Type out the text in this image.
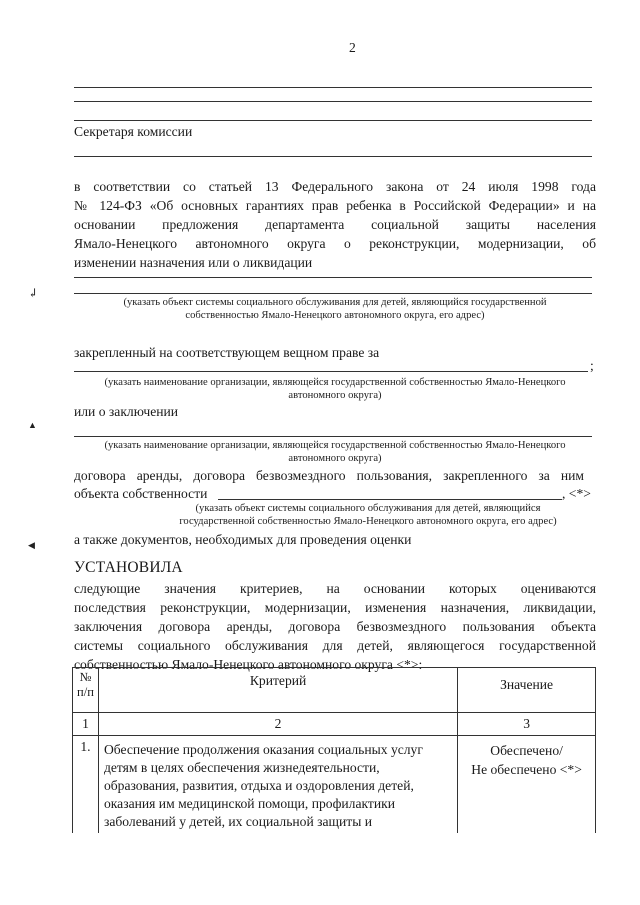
2
Секретаря комиссии
в соответствии со статьей 13 Федерального закона от 24 июля 1998 года
№ 124-ФЗ «Об основных гарантиях прав ребенка в Российской Федерации» и на
основании предложения департамента социальной защиты населения
Ямало-Ненецкого автономного округа о реконструкции, модернизации, об
изменении назначения или о ликвидации
(указать объект системы социального обслуживания для детей, являющийся государственной
собственностью Ямало-Ненецкого автономного округа, его адрес)
закрепленный на соответствующем вещном праве за
;
(указать наименование организации, являющейся государственной собственностью Ямало-Ненецкого
автономного округа)
или о заключении
(указать наименование организации, являющейся государственной собственностью Ямало-Ненецкого
автономного округа)
договора аренды, договора безвозмездного пользования, закрепленного за ним
объекта собственности	, <*>
(указать объект системы социального обслуживания для детей, являющийся
государственной собственностью Ямало-Ненецкого автономного округа, его адрес)
а также документов, необходимых для проведения оценки
УСТАНОВИЛА
следующие значения критериев, на основании которых оцениваются
последствия реконструкции, модернизации, изменения назначения, ликвидации,
заключения договора аренды, договора безвозмездного пользования объекта
системы социального обслуживания для детей, являющегося государственной
собственностью Ямало-Ненецкого автономного округа <*>:
№
п/п	Критерий	Значение
1	2	3
1.	Обеспечение продолжения оказания социальных услуг детям в целях обеспечения жизнедеятельности, образования, развития, отдыха и оздоровления детей, оказания им медицинской помощи, профилактики заболеваний у детей, их социальной защиты и	Обеспечено/
Не обеспечено <*>
↲
▲
◀
